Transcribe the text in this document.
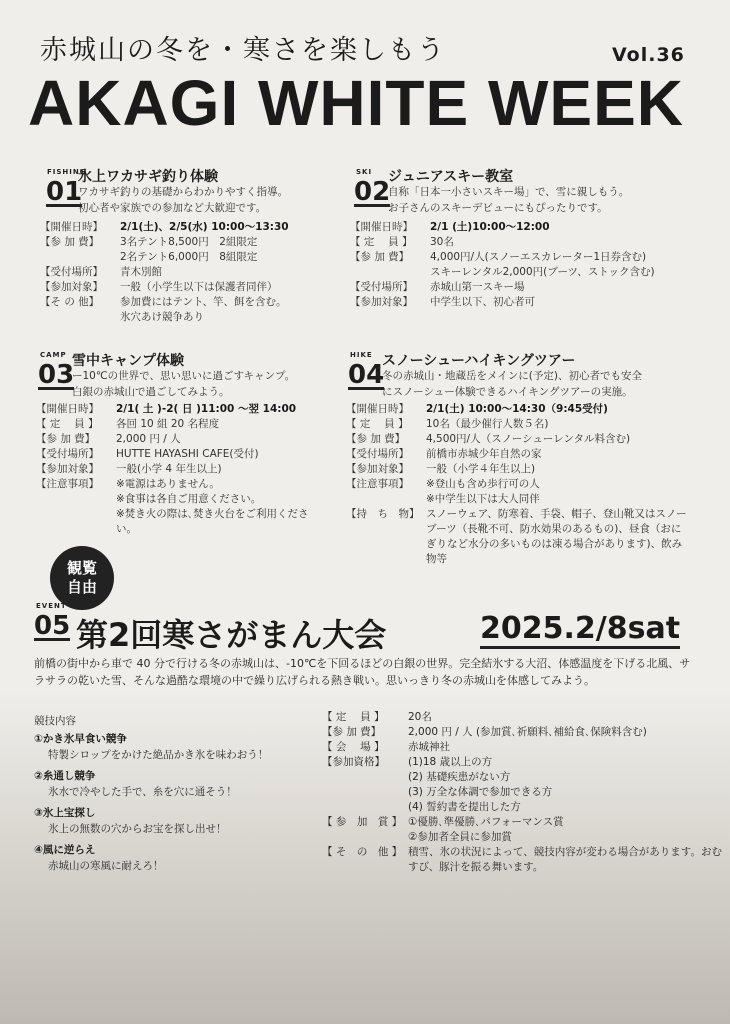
赤城山の冬を・寒さを楽しもう	Vol.36
AKAGI WHITE WEEK
FISHING
01
氷上ワカサギ釣り体験
ワカサギ釣りの基礎からわかりやすく指導。
初心者や家族での参加など大歓迎です。
【開催日時】	2/1(土)、2/5(水) 10:00〜13:30
【参 加 費】	3名テント8,500円　2組限定
2名テント6,000円　8組限定
【受付場所】	青木別館
【参加対象】	一般（小学生以下は保護者同伴）
【そ の 他】	参加費にはテント、竿、餌を含む。
氷穴あけ競争あり
SKI
02
ジュニアスキー教室
自称「日本一小さいスキー場」で、雪に親しもう。
お子さんのスキーデビューにもぴったりです。
【開催日時】	2/1 (土)10:00〜12:00
【 定　 員 】	30名
【参 加 費】	4,000円/人(スノーエスカレーター1日券含む)
スキーレンタル2,000円(ブーツ、ストック含む)
【受付場所】	赤城山第一スキー場
【参加対象】	中学生以下、初心者可
CAMP
03
雪中キャンプ体験
ー10℃の世界で、思い思いに過ごすキャンプ。
白銀の赤城山で過ごしてみよう。
【開催日時】	2/1( 土 )-2( 日 )11:00 〜翌 14:00
【 定　 員 】	各回 10 組 20 名程度
【参 加 費】	2,000 円 / 人
【受付場所】	HUTTE HAYASHI CAFE(受付)
【参加対象】	一般(小学 4 年生以上)
【注意事項】	※電源はありません。
※食事は各自ご用意ください。
※焚き火の際は､焚き火台をご利用ください。
HIKE
04
スノーシューハイキングツアー
冬の赤城山・地蔵岳をメインに(予定)、初心者でも安全
にスノーシュー体験できるハイキングツアーの実施。
【開催日時】	2/1(土) 10:00〜14:30（9:45受付)
【 定　 員 】	10名（最少催行人数５名)
【参 加 費】	4,500円/人（スノーシューレンタル料含む)
【受付場所】	前橋市赤城少年自然の家
【参加対象】	一般（小学４年生以上)
【注意事項】	※登山も含め歩行可の人
※中学生以下は大人同伴
【持　ち　物】 スノーウェア、防寒着、手袋、帽子、登山靴又はスノーブーツ（長靴不可、防水効果のあるもの)、昼食（おにぎりなど水分の多いものは凍る場合があります)、飲み物等
観覧
自由
EVENT
05 第2回寒さがまん大会	2025.2/8sat
前橋の街中から車で 40 分で行ける冬の赤城山は、-10℃を下回るほどの白銀の世界。完全結氷する大沼、体感温度を下げる北風、サラサラの乾いた雪、そんな過酷な環境の中で繰り広げられる熱き戦い。思いっきり冬の赤城山を体感してみよう。
競技内容
①かき氷早食い競争
特製シロップをかけた絶品かき氷を味わおう！
②糸通し競争
氷水で冷やした手で、糸を穴に通そう！
③氷上宝探し
氷上の無数の穴からお宝を探し出せ！
④風に逆らえ
赤城山の寒風に耐えろ！
【 定　 員 】	20名
【参 加 費】	2,000 円 / 人 (参加賞､祈願料､補給食､保険料含む)
【 会　 場 】	赤城神社
【参加資格】	(1)18 歳以上の方
(2) 基礎疾患がない方
(3) 万全な体調で参加できる方
(4) 誓約書を提出した方
【 参　加　賞 】 ①優勝､準優勝､パフォーマンス賞
②参加者全員に参加賞
【 そ　の　他 】 積雪、氷の状況によって、競技内容が変わる場合があります。おむすび、豚汁を振る舞います。
